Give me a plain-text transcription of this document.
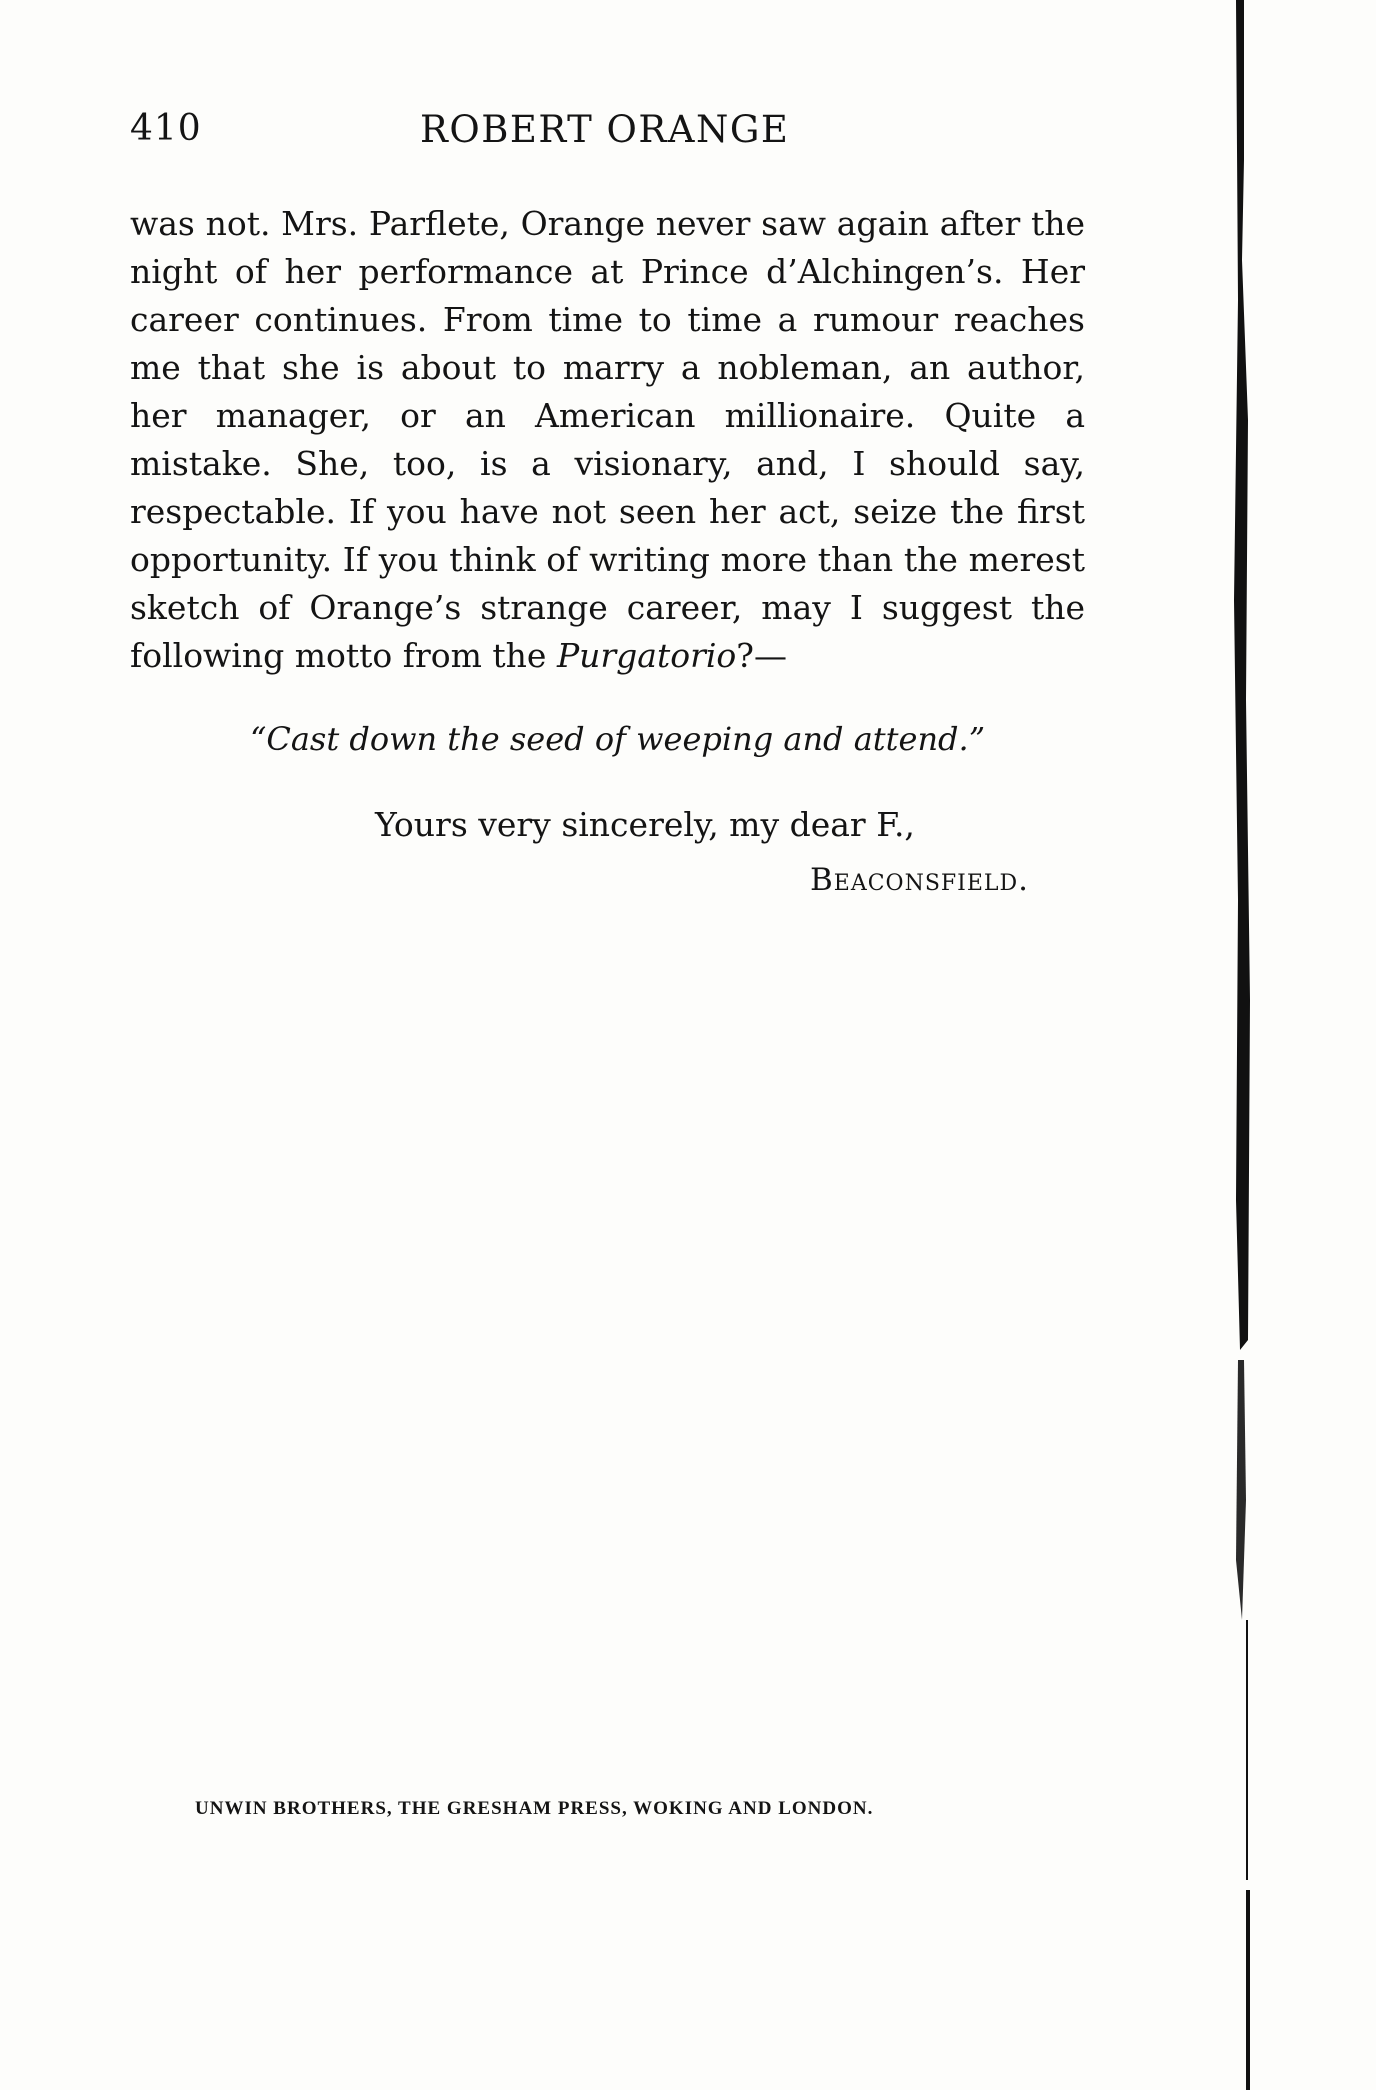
410	ROBERT ORANGE

was not. Mrs. Parflete, Orange never saw again after the night of her performance at Prince d’Alchingen’s. Her career continues. From time to time a rumour reaches me that she is about to marry a nobleman, an author, her manager, or an American millionaire. Quite a mistake. She, too, is a visionary, and, I should say, respectable. If you have not seen her act, seize the first opportunity. If you think of writing more than the merest sketch of Orange’s strange career, may I suggest the following motto from the Purgatorio?—

“Cast down the seed of weeping and attend.”
Yours very sincerely, my dear F.,
Beaconsfield.
UNWIN BROTHERS, THE GRESHAM PRESS, WOKING AND LONDON.
